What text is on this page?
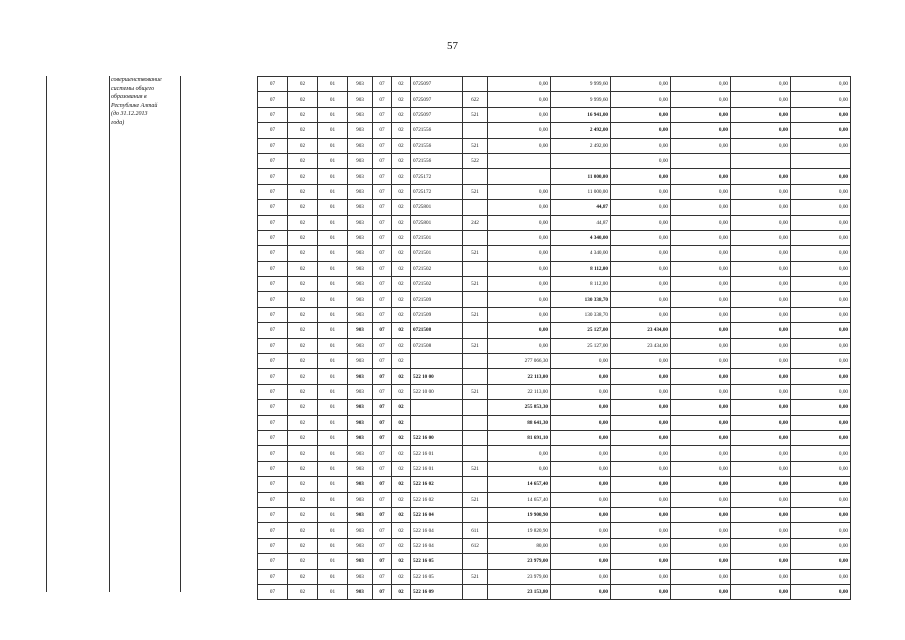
57
совершенствование
системы общего
образования в
Республике Алтай
(до 31.12.2013
года)
07	02	01	903	07	02	0725097		0,00	9 999,60	0,00	0,00	0,00	0,00
07	02	01	903	07	02	0725097	622	0,00	9 999,60	0,00	0,00	0,00	0,00
07	02	01	903	07	02	0725097	521	0,00	16 941,00	0,00	0,00	0,00	0,00
07	02	01	903	07	02	0721556		0,00	2 492,00	0,00	0,00	0,00	0,00
07	02	01	903	07	02	0721556	521	0,00	2 492,00	0,00	0,00	0,00	0,00
07	02	01	903	07	02	0721556	522			0,00			
07	02	01	903	07	02	0725172			11 000,00	0,00	0,00	0,00	0,00
07	02	01	903	07	02	0725172	521	0,00	11 000,00	0,00	0,00	0,00	0,00
07	02	01	903	07	02	0725801		0,00	44,87	0,00	0,00	0,00	0,00
07	02	01	903	07	02	0725801	242	0,00	44,87	0,00	0,00	0,00	0,00
07	02	01	903	07	02	0721501		0,00	4 340,00	0,00	0,00	0,00	0,00
07	02	01	903	07	02	0721501	521	0,00	4 340,00	0,00	0,00	0,00	0,00
07	02	01	903	07	02	0721502		0,00	8 112,00	0,00	0,00	0,00	0,00
07	02	01	903	07	02	0721502	521	0,00	8 112,00	0,00	0,00	0,00	0,00
07	02	01	903	07	02	0721509		0,00	130 338,70	0,00	0,00	0,00	0,00
07	02	01	903	07	02	0721509	521	0,00	130 338,70	0,00	0,00	0,00	0,00
07	02	01	903	07	02	0721508		0,00	25 127,00	23 434,00	0,00	0,00	0,00
07	02	01	903	07	02	0721508	521	0,00	25 127,00	23 434,00	0,00	0,00	0,00
07	02	01	903	07	02			277 066,30	0,00	0,00	0,00	0,00	0,00
07	02	01	903	07	02	522 10 00		22 113,00	0,00	0,00	0,00	0,00	0,00
07	02	01	903	07	02	522 10 00	521	22 113,00	0,00	0,00	0,00	0,00	0,00
07	02	01	903	07	02			255 853,30	0,00	0,00	0,00	0,00	0,00
07	02	01	903	07	02			88 641,30	0,00	0,00	0,00	0,00	0,00
07	02	01	903	07	02	522 16 00		81 691,10	0,00	0,00	0,00	0,00	0,00
07	02	01	903	07	02	522 16 01		0,00	0,00	0,00	0,00	0,00	0,00
07	02	01	903	07	02	522 16 01	521	0,00	0,00	0,00	0,00	0,00	0,00
07	02	01	903	07	02	522 16 02		14 657,40	0,00	0,00	0,00	0,00	0,00
07	02	01	903	07	02	522 16 02	521	14 657,40	0,00	0,00	0,00	0,00	0,00
07	02	01	903	07	02	522 16 04		19 900,90	0,00	0,00	0,00	0,00	0,00
07	02	01	903	07	02	522 16 04	611	19 820,90	0,00	0,00	0,00	0,00	0,00
07	02	01	903	07	02	522 16 04	612	80,00	0,00	0,00	0,00	0,00	0,00
07	02	01	903	07	02	522 16 05		23 979,00	0,00	0,00	0,00	0,00	0,00
07	02	01	903	07	02	522 16 05	521	23 979,00	0,00	0,00	0,00	0,00	0,00
07	02	01	903	07	02	522 16 09		23 153,80	0,00	0,00	0,00	0,00	0,00
